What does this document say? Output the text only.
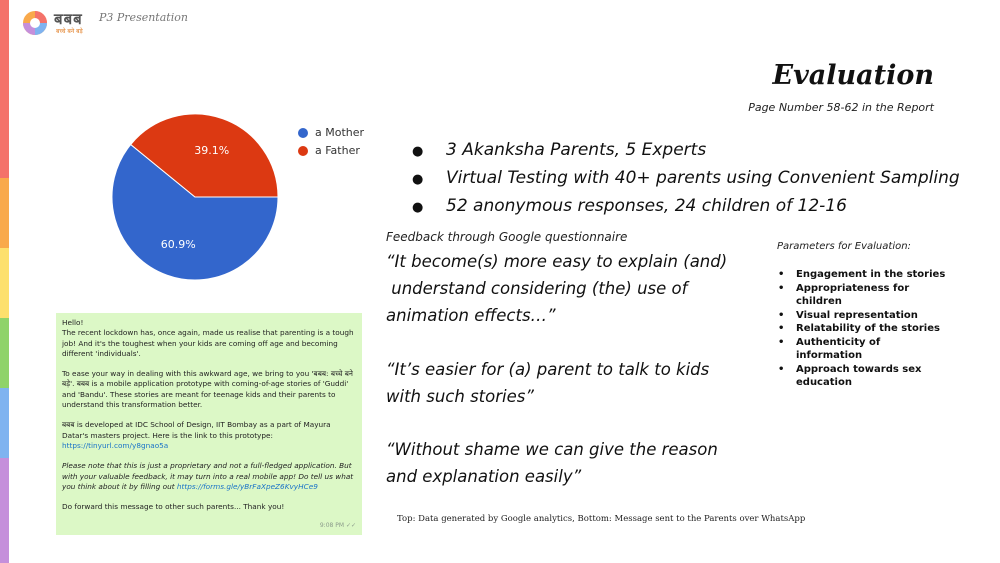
बबब
बच्चे बने बड़े
P3 Presentation
Evaluation
Page Number 58-62 in the Report
60.9%
39.1%
a Mother
a Father	● 3 Akanksha Parents, 5 Experts
● Virtual Testing with 40+ parents using Convenient Sampling
● 52 anonymous responses, 24 children of 12-16
Feedback through Google questionnaire
“It become(s) more easy to explain (and)
understand considering (the) use of
animation effects…”
“It’s easier for (a) parent to talk to kids
with such stories”
“Without shame we can give the reason
and explanation easily”
Parameters for Evaluation:
• Engagement in the stories
• Appropriateness for children
• Visual representation
• Relatability of the stories
• Authenticity of information
• Approach towards sex education
Hello!

The recent lockdown has, once again, made us realise that parenting is a tough job! And it's the toughest when your kids are coming off age and becoming different 'individuals'.

To ease your way in dealing with this awkward age, we bring to you 'बबब: बच्चे बने बड़े'. बबब is a mobile application prototype with coming-of-age stories of 'Guddi' and 'Bandu'. These stories are meant for teenage kids and their parents to understand this transformation better.

बबब is developed at IDC School of Design, IIT Bombay as a part of Mayura Datar's masters project. Here is the link to this prototype: https://tinyurl.com/y8gnao5a

Please note that this is just a proprietary and not a full-fledged application. But with your valuable feedback, it may turn into a real mobile app! Do tell us what you think about it by filling out https://forms.gle/yBrFaXpeZ6KvyHCe9

Do forward this message to other such parents... Thank you!
9:08 PM ✓✓
Top: Data generated by Google analytics, Bottom: Message sent to the Parents over WhatsApp
